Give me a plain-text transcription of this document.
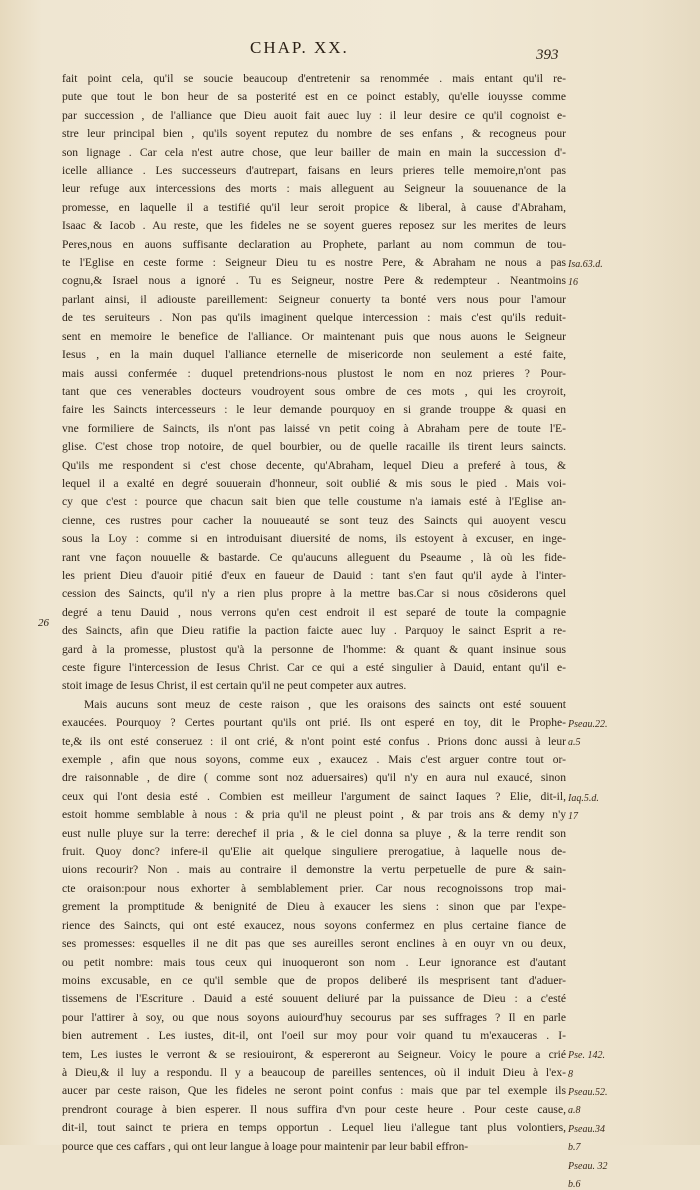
CHAP. XX.	393
fait point cela, qu'il se soucie beaucoup d'entretenir sa renommée . mais entant qu'il re-
pute que tout le bon heur de sa posterité est en ce poinct estably, qu'elle iouysse comme
par succession , de l'alliance que Dieu auoit fait auec luy : il leur desire ce qu'il cognoist e-
stre leur principal bien , qu'ils soyent reputez du nombre de ses enfans , & recogneus pour
son lignage . Car cela n'est autre chose, que leur bailler de main en main la succession d'-
icelle alliance . Les successeurs d'autrepart, faisans en leurs prieres telle memoire,n'ont pas
leur refuge aux intercessions des morts : mais alleguent au Seigneur la souuenance de la
promesse, en laquelle il a testifié qu'il leur seroit propice & liberal, à cause d'Abraham,
Isaac & Iacob . Au reste, que les fideles ne se soyent gueres reposez sur les merites de leurs
Peres,nous en auons suffisante declaration au Prophete, parlant au nom commun de tou-
te l'Eglise en ceste forme : Seigneur Dieu tu es nostre Pere, & Abraham ne nous a pas
cognu,& Israel nous a ignoré . Tu es Seigneur, nostre Pere & redempteur . Neantmoins
parlant ainsi, il adiouste pareillement: Seigneur conuerty ta bonté vers nous pour l'amour
de tes seruiteurs . Non pas qu'ils imaginent quelque intercession : mais c'est qu'ils reduit-
sent en memoire le benefice de l'alliance. Or maintenant puis que nous auons le Seigneur
Iesus , en la main duquel l'alliance eternelle de misericorde non seulement a esté faite,
mais aussi confermée : duquel pretendrions-nous plustost le nom en noz prieres ? Pour-
tant que ces venerables docteurs voudroyent sous ombre de ces mots , qui les croyroit,
faire les Saincts intercesseurs : le leur demande pourquoy en si grande trouppe & quasi en
vne formiliere de Saincts, ils n'ont pas laissé vn petit coing à Abraham pere de toute l'E-
glise. C'est chose trop notoire, de quel bourbier, ou de quelle racaille ils tirent leurs saincts.
Qu'ils me respondent si c'est chose decente, qu'Abraham, lequel Dieu a preferé à tous, &
lequel il a exalté en degré souuerain d'honneur, soit oublié & mis sous le pied . Mais voi-
cy que c'est : pource que chacun sait bien que telle coustume n'a iamais esté à l'Eglise an-
cienne, ces rustres pour cacher la nouueauté se sont teuz des Saincts qui auoyent vescu
sous la Loy : comme si en introduisant diuersité de noms, ils estoyent à excuser, en inge-
rant vne façon nouuelle & bastarde. Ce qu'aucuns alleguent du Pseaume , là où les fide-
les prient Dieu d'auoir pitié d'eux en faueur de Dauid : tant s'en faut qu'il ayde à l'inter-
cession des Saincts, qu'il n'y a rien plus propre à la mettre bas.Car si nous cōsiderons quel
degré a tenu Dauid , nous verrons qu'en cest endroit il est separé de toute la compagnie
des Saincts, afin que Dieu ratifie la paction faicte auec luy . Parquoy le sainct Esprit a re-
gard à la promesse, plustost qu'à la personne de l'homme: & quant & quant insinue sous
ceste figure l'intercession de Iesus Christ. Car ce qui a esté singulier à Dauid, entant qu'il e-
stoit image de Iesus Christ, il est certain qu'il ne peut competer aux autres.
Mais aucuns sont meuz de ceste raison , que les oraisons des saincts ont esté souuent
exaucées. Pourquoy ? Certes pourtant qu'ils ont prié. Ils ont esperé en toy, dit le Prophe-
te,& ils ont esté conseruez : il ont crié, & n'ont point esté confus . Prions donc aussi à leur
exemple , afin que nous soyons, comme eux , exaucez . Mais c'est arguer contre tout or-
dre raisonnable , de dire ( comme sont noz aduersaires) qu'il n'y en aura nul exaucé, sinon
ceux qui l'ont desia esté . Combien est meilleur l'argument de sainct Iaques ? Elie, dit-il,
estoit homme semblable à nous : & pria qu'il ne pleust point , & par trois ans & demy n'y
eust nulle pluye sur la terre: derechef il pria , & le ciel donna sa pluye , & la terre rendit son
fruit. Quoy donc? infere-il qu'Elie ait quelque singuliere prerogatiue, à laquelle nous de-
uions recourir? Non . mais au contraire il demonstre la vertu perpetuelle de pure & sain-
cte oraison:pour nous exhorter à semblablement prier. Car nous recognoissons trop mai-
grement la promptitude & benignité de Dieu à exaucer les siens : sinon que par l'expe-
rience des Saincts, qui ont esté exaucez, nous soyons confermez en plus certaine fiance de
ses promesses: esquelles il ne dit pas que ses aureilles seront enclines à en ouyr vn ou deux,
ou petit nombre: mais tous ceux qui inuoqueront son nom . Leur ignorance est d'autant
moins excusable, en ce qu'il semble que de propos deliberé ils mesprisent tant d'aduer-
tissemens de l'Escriture . Dauid a esté souuent deliuré par la puissance de Dieu : a c'esté
pour l'attirer à soy, ou que nous soyons auiourd'huy secourus par ses suffrages ? Il en parle
bien autrement . Les iustes, dit-il, ont l'oeil sur moy pour voir quand tu m'exauceras . I-
tem, Les iustes le verront & se resiouiront, & espereront au Seigneur. Voicy le poure a crié
à Dieu,& il luy a respondu. Il y a beaucoup de pareilles sentences, où il induit Dieu à l'ex-
aucer par ceste raison, Que les fideles ne seront point confus : mais que par tel exemple ils
prendront courage à bien esperer. Il nous suffira d'vn pour ceste heure . Pour ceste cause,
dit-il, tout sainct te priera en temps opportun . Lequel lieu i'allegue tant plus volontiers,
pource que ces caffars , qui ont leur langue à loage pour maintenir par leur babil effron-
26
Isa.63.d.
16
Pseau.22.
a.5
Iaq.5.d.
17
Pse. 142.
8
Pseau.52.
a.8
Pseau.34
b.7
Pseau. 32
b.6
